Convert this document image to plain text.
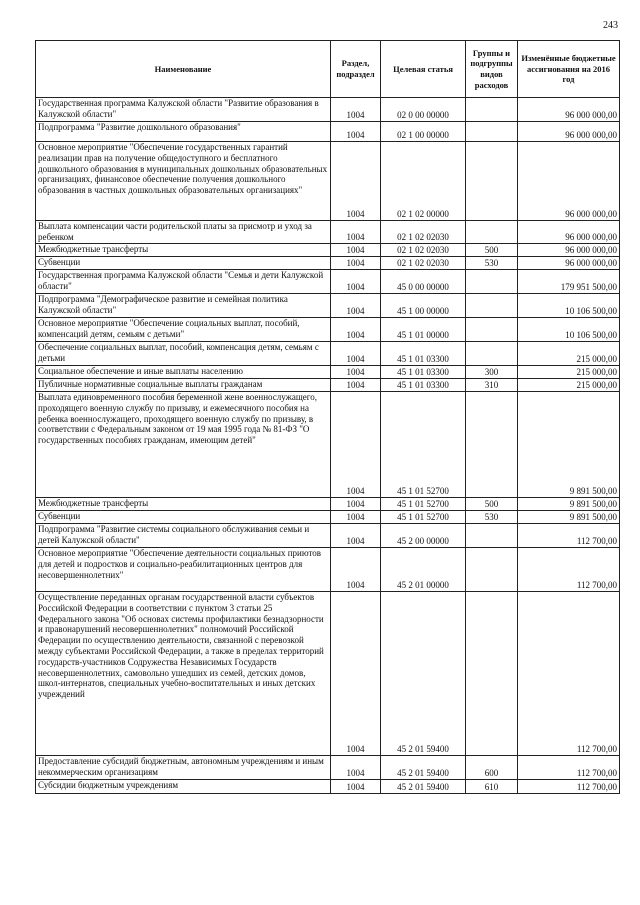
243
Наименование	Раздел, подраздел	Целевая статья	Группы и подгруппы видов расходов	Изменённые бюджетные ассигнования на 2016 год
Государственная программа Калужской области "Развитие образования в Калужской области"	1004	02 0 00 00000		96 000 000,00
Подпрограмма "Развитие дошкольного образования"	1004	02 1 00 00000		96 000 000,00
Основное мероприятие "Обеспечение государственных гарантий реализации прав на получение общедоступного и бесплатного дошкольного образования в муниципальных дошкольных образовательных организациях, финансовое обеспечение получения дошкольного образования в частных дошкольных образовательных организациях"	1004	02 1 02 00000		96 000 000,00
Выплата компенсации части родительской платы за присмотр и уход за ребенком	1004	02 1 02 02030		96 000 000,00
Межбюджетные трансферты	1004	02 1 02 02030	500	96 000 000,00
Субвенции	1004	02 1 02 02030	530	96 000 000,00
Государственная программа Калужской области "Семья и дети Калужской области"	1004	45 0 00 00000		179 951 500,00
Подпрограмма "Демографическое развитие и семейная политика Калужской области"	1004	45 1 00 00000		10 106 500,00
Основное мероприятие "Обеспечение социальных выплат, пособий, компенсаций детям, семьям с детьми"	1004	45 1 01 00000		10 106 500,00
Обеспечение социальных выплат, пособий, компенсация детям, семьям с детьми	1004	45 1 01 03300		215 000,00
Социальное обеспечение и иные выплаты населению	1004	45 1 01 03300	300	215 000,00
Публичные нормативные социальные выплаты гражданам	1004	45 1 01 03300	310	215 000,00
Выплата единовременного пособия беременной жене военнослужащего, проходящего военную службу по призыву, и ежемесячного пособия на ребенка военнослужащего, проходящего военную службу по призыву, в соответствии с Федеральным законом от 19 мая 1995 года № 81-ФЗ "О государственных пособиях гражданам, имеющим детей"	1004	45 1 01 52700		9 891 500,00
Межбюджетные трансферты	1004	45 1 01 52700	500	9 891 500,00
Субвенции	1004	45 1 01 52700	530	9 891 500,00
Подпрограмма "Развитие системы социального обслуживания семьи и детей Калужской области"	1004	45 2 00 00000		112 700,00
Основное мероприятие "Обеспечение деятельности социальных приютов для детей и подростков и социально-реабилитационных центров для несовершеннолетних"	1004	45 2 01 00000		112 700,00
Осуществление переданных органам государственной власти субъектов Российской Федерации в соответствии с пунктом 3 статьи 25 Федерального закона "Об основах системы профилактики безнадзорности и правонарушений несовершеннолетних" полномочий Российской Федерации по осуществлению деятельности, связанной с перевозкой между субъектами Российской Федерации, а также в пределах территорий государств-участников Содружества Независимых Государств несовершеннолетних, самовольно ушедших из семей, детских домов, школ-интернатов, специальных учебно-воспитательных и иных детских учреждений	1004	45 2 01 59400		112 700,00
Предоставление субсидий бюджетным, автономным учреждениям и иным некоммерческим организациям	1004	45 2 01 59400	600	112 700,00
Субсидии бюджетным учреждениям	1004	45 2 01 59400	610	112 700,00
